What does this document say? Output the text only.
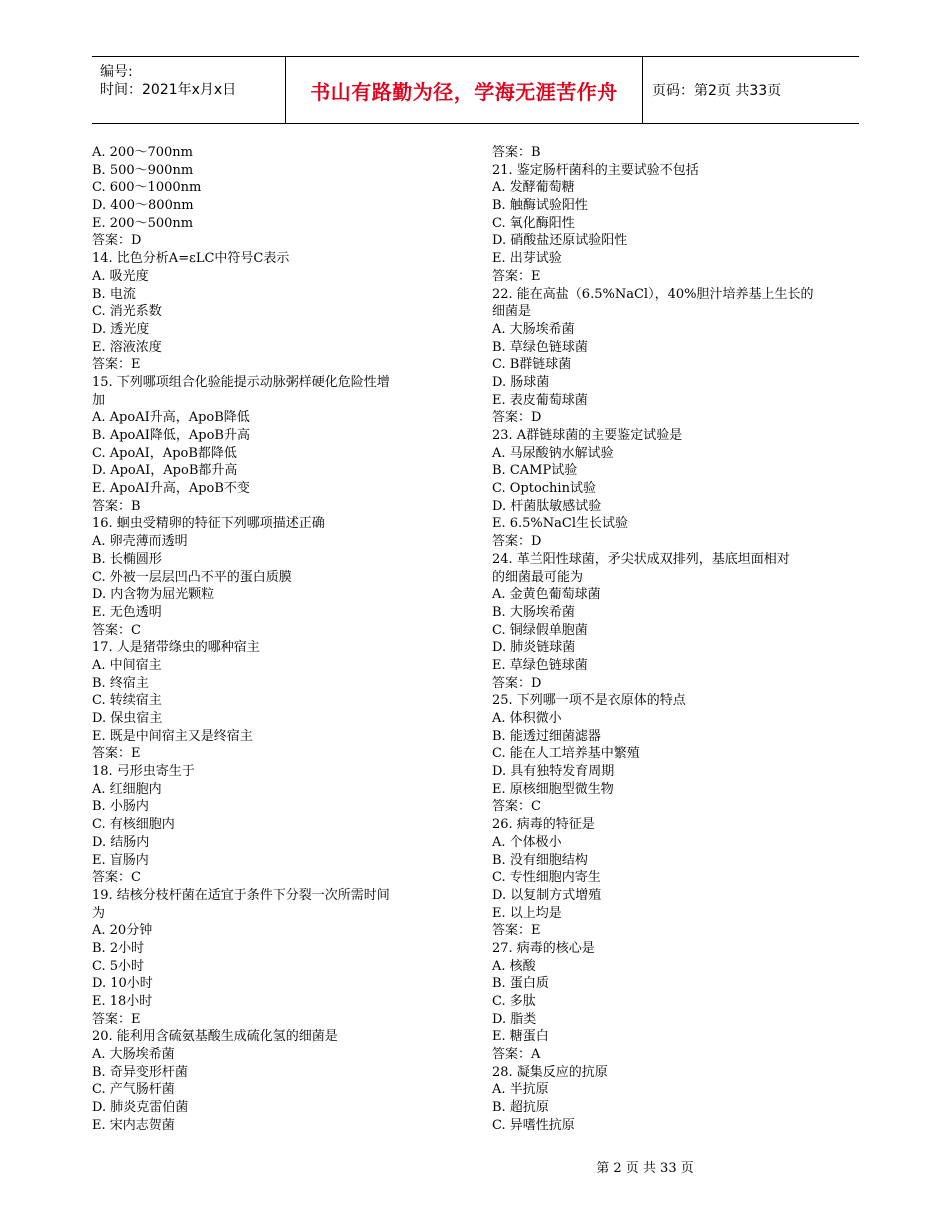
编号:
时间：2021年x月x日	书山有路勤为径，学海无涯苦作舟	页码：第2页 共33页
A. 200～700nm
B. 500～900nm
C. 600～1000nm
D. 400～800nm
E. 200～500nm
答案：D
14. 比色分析A=εLC中符号C表示
A. 吸光度
B. 电流
C. 消光系数
D. 透光度
E. 溶液浓度
答案：E
15. 下列哪项组合化验能提示动脉粥样硬化危险性增
加
A. ApoAI升高，ApoB降低
B. ApoAI降低，ApoB升高
C. ApoAI，ApoB都降低
D. ApoAI，ApoB都升高
E. ApoAI升高，ApoB不变
答案：B
16. 蛔虫受精卵的特征下列哪项描述正确
A. 卵壳薄而透明
B. 长椭圆形
C. 外被一层层凹凸不平的蛋白质膜
D. 内含物为屈光颗粒
E. 无色透明
答案：C
17. 人是猪带绦虫的哪种宿主
A. 中间宿主
B. 终宿主
C. 转续宿主
D. 保虫宿主
E. 既是中间宿主又是终宿主
答案：E
18. 弓形虫寄生于
A. 红细胞内
B. 小肠内
C. 有核细胞内
D. 结肠内
E. 盲肠内
答案：C
19. 结核分枝杆菌在适宜于条件下分裂一次所需时间
为
A. 20分钟
B. 2小时
C. 5小时
D. 10小时
E. 18小时
答案：E
20. 能利用含硫氨基酸生成硫化氢的细菌是
A. 大肠埃希菌
B. 奇异变形杆菌
C. 产气肠杆菌
D. 肺炎克雷伯菌
E. 宋内志贺菌
答案：B
21. 鉴定肠杆菌科的主要试验不包括
A. 发酵葡萄糖
B. 触酶试验阳性
C. 氧化酶阳性
D. 硝酸盐还原试验阳性
E. 出芽试验
答案：E
22. 能在高盐（6.5%NaCl），40%胆汁培养基上生长的
细菌是
A. 大肠埃希菌
B. 草绿色链球菌
C. B群链球菌
D. 肠球菌
E. 表皮葡萄球菌
答案：D
23. A群链球菌的主要鉴定试验是
A. 马尿酸钠水解试验
B. CAMP试验
C. Optochin试验
D. 杆菌肽敏感试验
E. 6.5%NaCl生长试验
答案：D
24. 革兰阳性球菌，矛尖状成双排列，基底坦面相对
的细菌最可能为
A. 金黄色葡萄球菌
B. 大肠埃希菌
C. 铜绿假单胞菌
D. 肺炎链球菌
E. 草绿色链球菌
答案：D
25. 下列哪一项不是衣原体的特点
A. 体积微小
B. 能透过细菌滤器
C. 能在人工培养基中繁殖
D. 具有独特发育周期
E. 原核细胞型微生物
答案：C
26. 病毒的特征是
A. 个体极小
B. 没有细胞结构
C. 专性细胞内寄生
D. 以复制方式增殖
E. 以上均是
答案：E
27. 病毒的核心是
A. 核酸
B. 蛋白质
C. 多肽
D. 脂类
E. 糖蛋白
答案：A
28. 凝集反应的抗原
A. 半抗原
B. 超抗原
C. 异嗜性抗原
第 2 页 共 33 页
